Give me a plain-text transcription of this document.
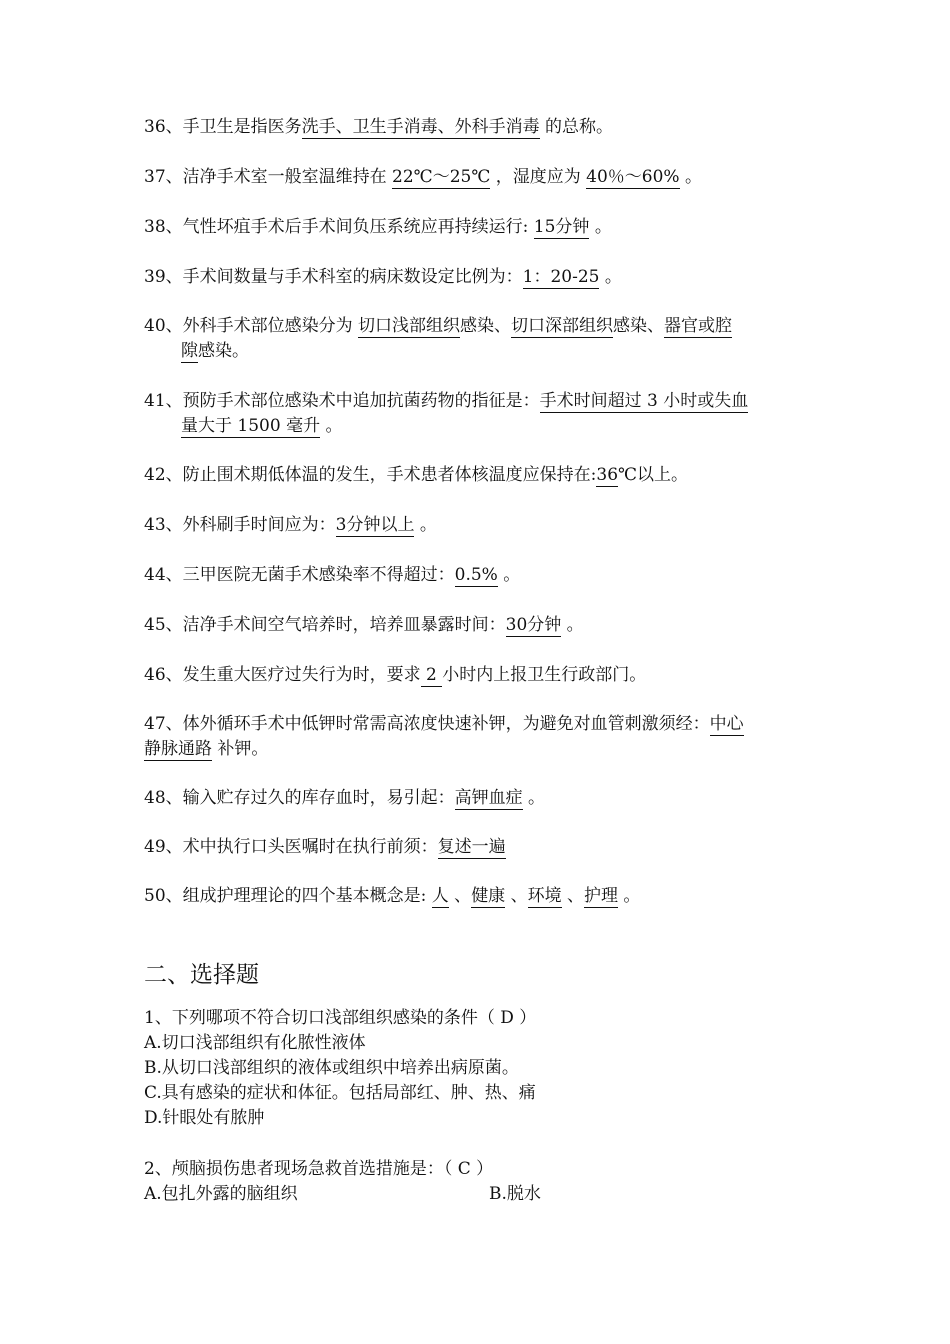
36、手卫生是指医务洗手、卫生手消毒、外科手消毒 的总称。
37、洁净手术室一般室温维持在 22℃～25℃ ，湿度应为 40％～60% 。
38、气性坏疽手术后手术间负压系统应再持续运行: 15分钟 。
39、手术间数量与手术科室的病床数设定比例为：1：20-25 。
40、外科手术部位感染分为 切口浅部组织感染、切口深部组织感染、器官或腔
隙感染。
41、预防手术部位感染术中追加抗菌药物的指征是：手术时间超过 3 小时或失血
量大于 1500 毫升 。
42、防止围术期低体温的发生，手术患者体核温度应保持在:36℃以上。
43、外科刷手时间应为：3分钟以上 。
44、三甲医院无菌手术感染率不得超过：0.5% 。
45、洁净手术间空气培养时，培养皿暴露时间：30分钟 。
46、发生重大医疗过失行为时，要求 2 小时内上报卫生行政部门。
47、体外循环手术中低钾时常需高浓度快速补钾，为避免对血管刺激须经：中心
静脉通路 补钾。
48、输入贮存过久的库存血时，易引起：高钾血症 。
49、术中执行口头医嘱时在执行前须：复述一遍
50、组成护理理论的四个基本概念是: 人 、健康 、环境 、护理 。
二、选择题
1、下列哪项不符合切口浅部组织感染的条件（ D ）
A.切口浅部组织有化脓性液体
B.从切口浅部组织的液体或组织中培养出病原菌。
C.具有感染的症状和体征。包括局部红、肿、热、痛
D.针眼处有脓肿
2、颅脑损伤患者现场急救首选措施是：（ C ）
A.包扎外露的脑组织	B.脱水
